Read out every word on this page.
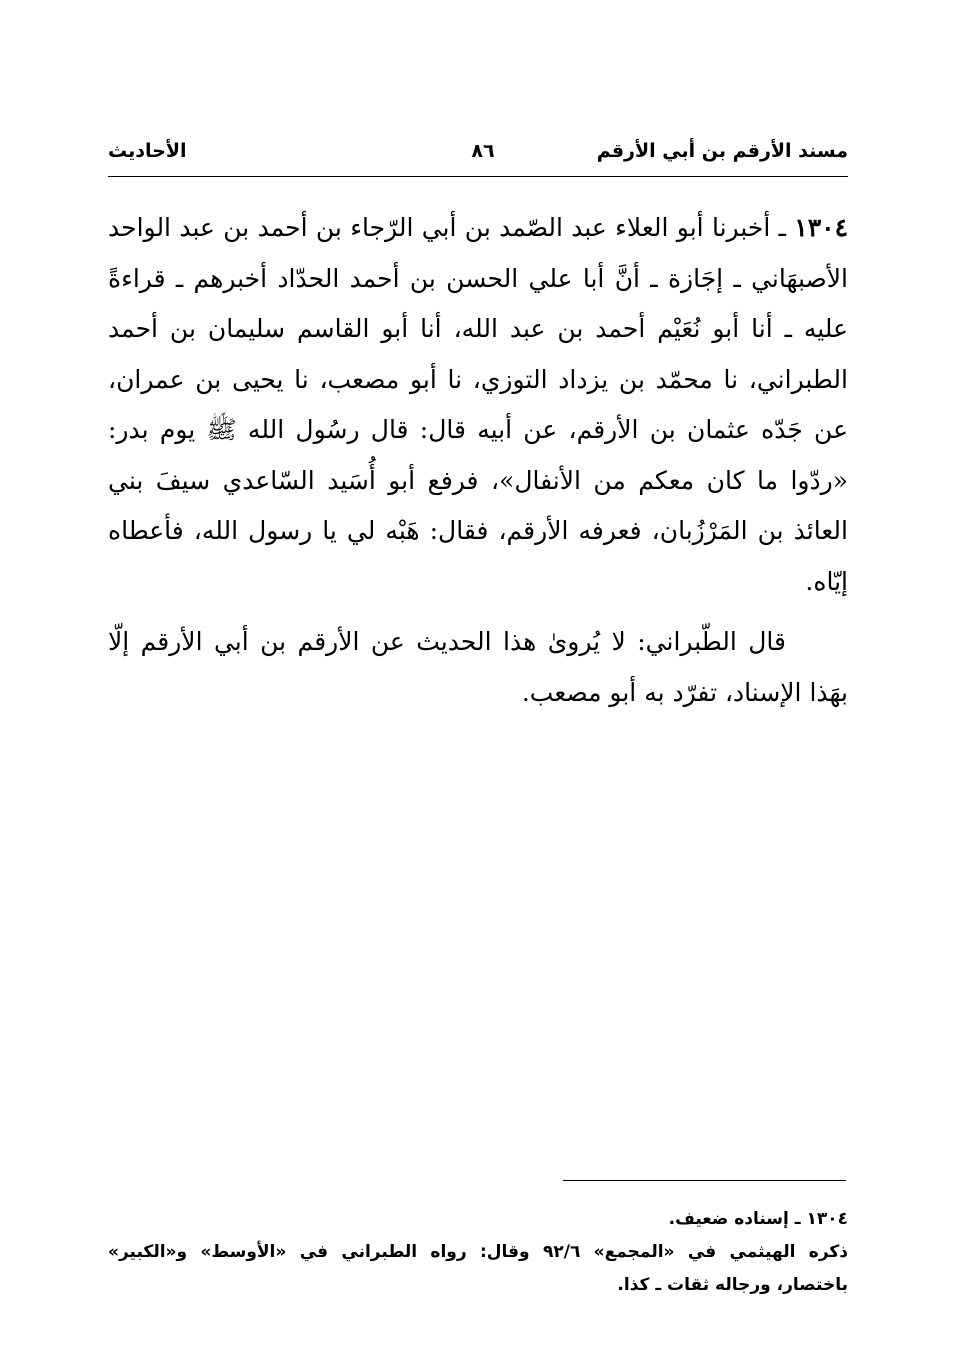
مسند الأرقم بن أبي الأرقم
٨٦
الأحاديث

١٣٠٤ ـ أخبرنا أبو العلاء عبد الصّمد بن أبي الرّجاء بن أحمد بن عبد الواحد الأصبهَاني ـ إجَازة ـ أنَّ أبا علي الحسن بن أحمد الحدّاد أخبرهم ـ قراءةً عليه ـ أنا أبو نُعَيْم أحمد بن عبد الله، أنا أبو القاسم سليمان بن أحمد الطبراني، نا محمّد بن يزداد التوزي، نا أبو مصعب، نا يحيى بن عمران، عن جَدّه عثمان بن الأرقم، عن أبيه قال: قال رسُول الله ﷺ يوم بدر: «ردّوا ما كان معكم من الأنفال»، فرفع أبو أُسَيد السّاعدي سيفَ بني العائذ بن المَرْزُبان، فعرفه الأرقم، فقال: هَبْه لي يا رسول الله، فأعطاه إيّاه.

قال الطّبراني: لا يُروىٰ هذا الحديث عن الأرقم بن أبي الأرقم إلّا بهَذا الإسناد، تفرّد به أبو مصعب.

١٣٠٤ ـ إسناده ضعيف.

ذكره الهيثمي في «المجمع» ٩٢/٦ وقال: رواه الطبراني في «الأوسط» و«الكبير» باختصار، ورجاله ثقات ـ كذا.
